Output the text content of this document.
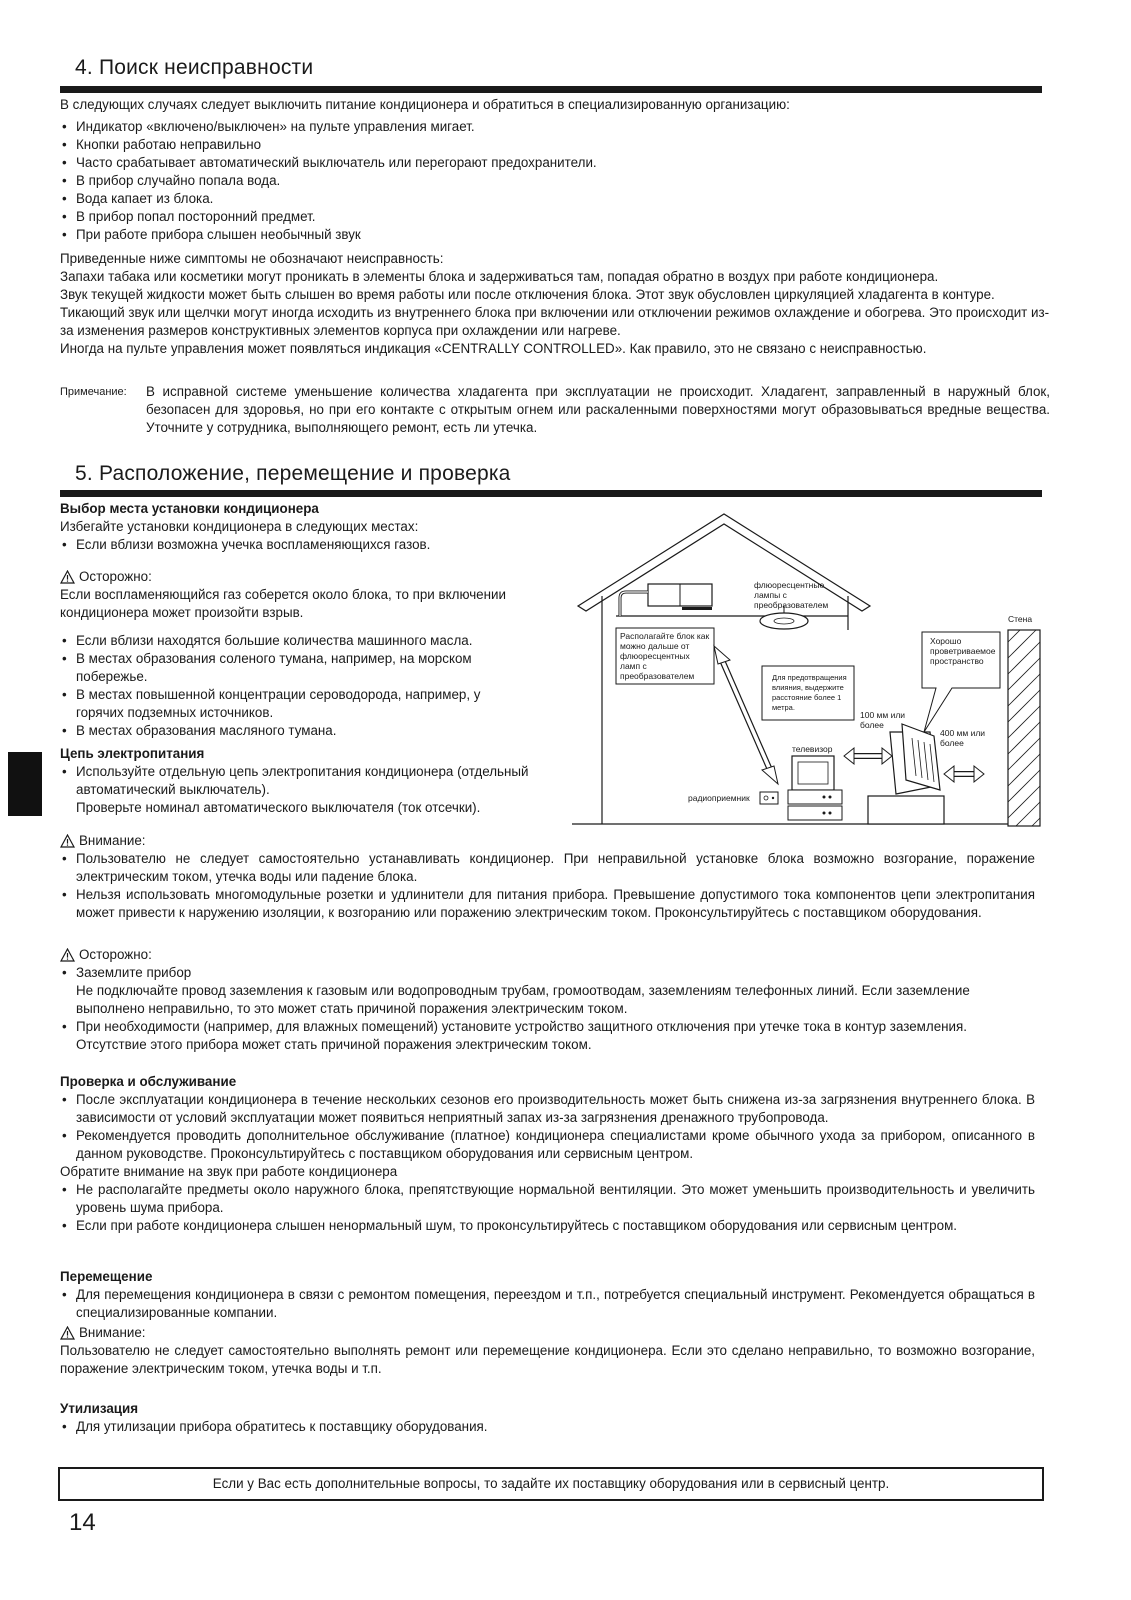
4. Поиск неисправности
В следующих случаях следует выключить питание кондиционера и обратиться в специализированную организацию:
• Индикатор «включено/выключен» на пульте управления мигает.
• Кнопки работаю неправильно
• Часто срабатывает автоматический выключатель или перегорают предохранители.
• В прибор случайно попала вода.
• Вода капает из блока.
• В прибор попал посторонний предмет.
• При работе прибора слышен необычный звук
Приведенные ниже симптомы не обозначают неисправность:
Запахи табака или косметики могут проникать в элементы блока и задерживаться там, попадая обратно в воздух при работе кондиционера.
Звук текущей жидкости может быть слышен во время работы или после отключения блока. Этот звук обусловлен циркуляцией хладагента в контуре.
Тикающий звук или щелчки могут иногда исходить из внутреннего блока при включении или отключении режимов охлаждение и обогрева. Это происходит из-за изменения размеров конструктивных элементов корпуса при охлаждении или нагреве.
Иногда на пульте управления может появляться индикация «CENTRALLY CONTROLLED». Как правило, это не связано с неисправностью.
Примечание: В исправной системе уменьшение количества хладагента при эксплуатации не происходит. Хладагент, заправленный в наружный блок, безопасен для здоровья, но при его контакте с открытым огнем или раскаленными поверхностями могут образовываться вредные вещества. Уточните у сотрудника, выполняющего ремонт, есть ли утечка.
5. Расположение, перемещение и проверка
Выбор места установки кондиционера
Избегайте установки кондиционера в следующих местах:
• Если вблизи возможна учечка воспламеняющихся газов.
Осторожно:
Если воспламеняющийся газ соберется около блока, то при включении кондиционера может произойти взрыв.
• Если вблизи находятся большие количества машинного масла.
• В местах образования соленого тумана, например, на морском побережье.
• В местах повышенной концентрации сероводорода, например, у горячих подземных источников.
• В местах образования масляного тумана.
Цепь электропитания
• Используйте отдельную цепь электропитания кондиционера (отдельный автоматический выключатель).
Проверьте номинал автоматического выключателя (ток отсечки).
флюоресцентные лампы с преобразователем
Стена
Располагайте блок как можно дальше от флюоресцентных ламп с преобразователем
Хорошо проветриваемое пространство
Для предотвращения влияния, выдержите расстояние более 1 метра.
100 мм или более
400 мм или более
телевизор
радиоприемник
Внимание:
• Пользователю не следует самостоятельно устанавливать кондиционер. При неправильной установке блока возможно возгорание, поражение электрическим током, утечка воды или падение блока.
• Нельзя использовать многомодульные розетки и удлинители для питания прибора. Превышение допустимого тока компонентов цепи электропитания может привести к наружению изоляции, к возгоранию или поражению электрическим током. Проконсультируйтесь с поставщиком оборудования.
Осторожно:
• Заземлите прибор
Не подключайте провод заземления к газовым или водопроводным трубам, громоотводам, заземлениям телефонных линий. Если заземление выполнено неправильно, то это может стать причиной поражения электрическим током.
• При необходимости (например, для влажных помещений) установите устройство защитного отключения при утечке тока в контур заземления. Отсутствие этого прибора может стать причиной поражения электрическим током.
Проверка и обслуживание
• После эксплуатации кондиционера в течение нескольких сезонов его производительность может быть снижена из-за загрязнения внутреннего блока. В зависимости от условий эксплуатации может появиться неприятный запах из-за загрязнения дренажного трубопровода.
• Рекомендуется проводить дополнительное обслуживание (платное) кондиционера специалистами кроме обычного ухода за прибором, описанного в данном руководстве. Проконсультируйтесь с поставщиком оборудования или сервисным центром.
Обратите внимание на звук при работе кондиционера
• Не располагайте предметы около наружного блока, препятствующие нормальной вентиляции. Это может уменьшить производительность и увеличить уровень шума прибора.
• Если при работе кондиционера слышен ненормальный шум, то проконсультируйтесь с поставщиком оборудования или сервисным центром.
Перемещение
• Для перемещения кондиционера в связи с ремонтом помещения, переездом и т.п., потребуется специальный инструмент. Рекомендуется обращаться в специализированные компании.
Внимание:
Пользователю не следует самостоятельно выполнять ремонт или перемещение кондиционера. Если это сделано неправильно, то возможно возгорание, поражение электрическим током, утечка воды и т.п.
Утилизация
• Для утилизации прибора обратитесь к поставщику оборудования.
Если у Вас есть дополнительные вопросы, то задайте их поставщику оборудования или в сервисный центр.
14
